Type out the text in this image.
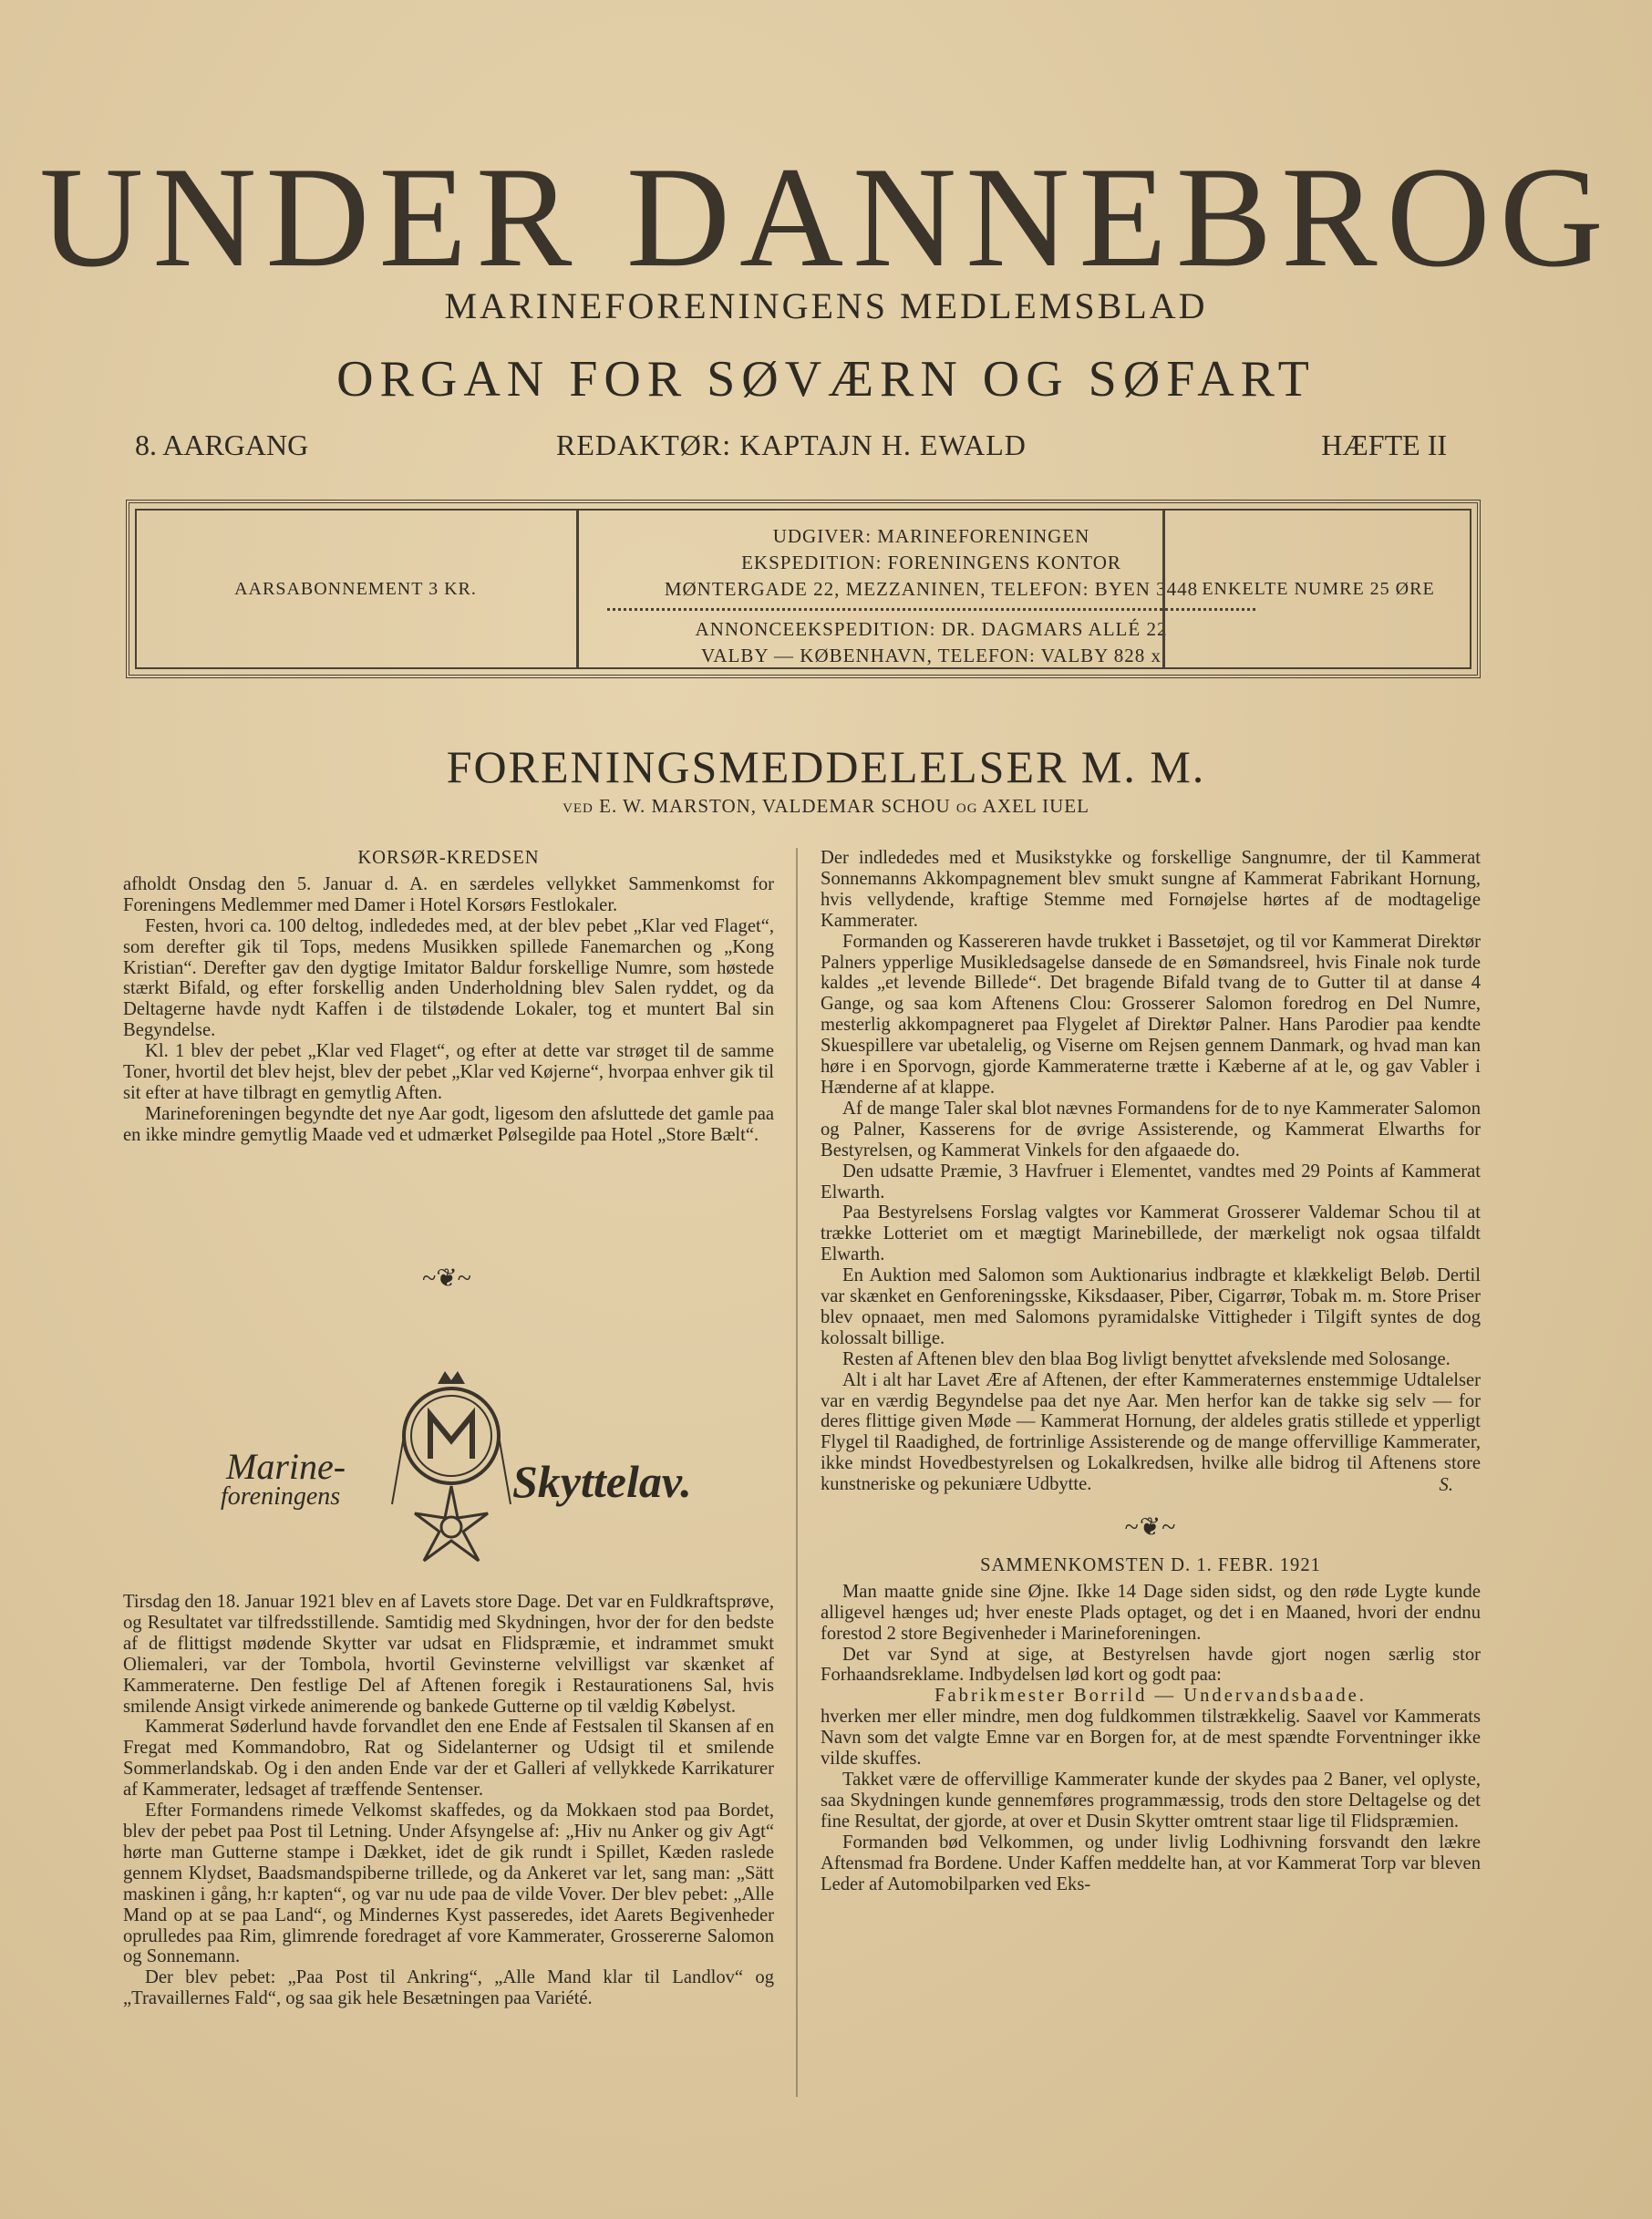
UNDER DANNEBROG
MARINEFORENINGENS MEDLEMSBLAD
ORGAN FOR SØVÆRN OG SØFART
8. AARGANG	REDAKTØR: KAPTAJN H. EWALD	HÆFTE II
AARSABONNEMENT 3 KR.
UDGIVER: MARINEFORENINGEN
EKSPEDITION: FORENINGENS KONTOR
MØNTERGADE 22, MEZZANINEN, TELEFON: BYEN 3448
ANNONCEEKSPEDITION: DR. DAGMARS ALLÉ 22
VALBY — KØBENHAVN, TELEFON: VALBY 828 x
ENKELTE NUMRE 25 ØRE
FORENINGSMEDDELELSER M. M.
VED E. W. MARSTON, VALDEMAR SCHOU OG AXEL IUEL

KORSØR-KREDSEN

afholdt Onsdag den 5. Januar d. A. en særdeles vellykket Sammenkomst for Foreningens Medlemmer med Damer i Hotel Korsørs Festlokaler.

Festen, hvori ca. 100 deltog, indlededes med, at der blev pebet „Klar ved Flaget“, som derefter gik til Tops, medens Musikken spillede Fanemarchen og „Kong Kristian“. Derefter gav den dygtige Imitator Baldur forskellige Numre, som høstede stærkt Bifald, og efter forskellig anden Underholdning blev Salen ryddet, og da Deltagerne havde nydt Kaffen i de tilstødende Lokaler, tog et muntert Bal sin Begyndelse.

Kl. 1 blev der pebet „Klar ved Flaget“, og efter at dette var strøget til de samme Toner, hvortil det blev hejst, blev der pebet „Klar ved Køjerne“, hvorpaa enhver gik til sit efter at have tilbragt en gemytlig Aften.

Marineforeningen begyndte det nye Aar godt, ligesom den afsluttede det gamle paa en ikke mindre gemytlig Maade ved et udmærket Pølsegilde paa Hotel „Store Bælt“.

~❦~
Marine-
foreningens	Skyttelav.

Tirsdag den 18. Januar 1921 blev en af Lavets store Dage. Det var en Fuldkraftsprøve, og Resultatet var tilfredsstillende. Samtidig med Skydningen, hvor der for den bedste af de flittigst mødende Skytter var udsat en Flidspræmie, et indrammet smukt Oliemaleri, var der Tombola, hvortil Gevinsterne velvilligst var skænket af Kammeraterne. Den festlige Del af Aftenen foregik i Restaurationens Sal, hvis smilende Ansigt virkede animerende og bankede Gutterne op til vældig Købelyst.

Kammerat Søderlund havde forvandlet den ene Ende af Festsalen til Skansen af en Fregat med Kommandobro, Rat og Sidelanterner og Udsigt til et smilende Sommerlandskab. Og i den anden Ende var der et Galleri af vellykkede Karrikaturer af Kammerater, ledsaget af træffende Sentenser.

Efter Formandens rimede Velkomst skaffedes, og da Mokkaen stod paa Bordet, blev der pebet paa Post til Letning. Under Afsyngelse af: „Hiv nu Anker og giv Agt“ hørte man Gutterne stampe i Dækket, idet de gik rundt i Spillet, Kæden raslede gennem Klydset, Baadsmandspiberne trillede, og da Ankeret var let, sang man: „Sätt maskinen i gång, h:r kapten“, og var nu ude paa de vilde Vover. Der blev pebet: „Alle Mand op at se paa Land“, og Mindernes Kyst passeredes, idet Aarets Begivenheder oprulledes paa Rim, glimrende foredraget af vore Kammerater, Grossererne Salomon og Sonnemann.

Der blev pebet: „Paa Post til Ankring“, „Alle Mand klar til Landlov“ og „Travaillernes Fald“, og saa gik hele Besætningen paa Variété.

Der indlededes med et Musikstykke og forskellige Sangnumre, der til Kammerat Sonnemanns Akkompagnement blev smukt sungne af Kammerat Fabrikant Hornung, hvis vellydende, kraftige Stemme med Fornøjelse hørtes af de modtagelige Kammerater.

Formanden og Kassereren havde trukket i Bassetøjet, og til vor Kammerat Direktør Palners ypperlige Musikledsagelse dansede de en Sømandsreel, hvis Finale nok turde kaldes „et levende Billede“. Det bragende Bifald tvang de to Gutter til at danse 4 Gange, og saa kom Aftenens Clou: Grosserer Salomon foredrog en Del Numre, mesterlig akkompagneret paa Flygelet af Direktør Palner. Hans Parodier paa kendte Skuespillere var ubetalelig, og Viserne om Rejsen gennem Danmark, og hvad man kan høre i en Sporvogn, gjorde Kammeraterne trætte i Kæberne af at le, og gav Vabler i Hænderne af at klappe.

Af de mange Taler skal blot nævnes Formandens for de to nye Kammerater Salomon og Palner, Kasserens for de øvrige Assisterende, og Kammerat Elwarths for Bestyrelsen, og Kammerat Vinkels for den afgaaede do.

Den udsatte Præmie, 3 Havfruer i Elementet, vandtes med 29 Points af Kammerat Elwarth.

Paa Bestyrelsens Forslag valgtes vor Kammerat Grosserer Valdemar Schou til at trække Lotteriet om et mægtigt Marinebillede, der mærkeligt nok ogsaa tilfaldt Elwarth.

En Auktion med Salomon som Auktionarius indbragte et klækkeligt Beløb. Dertil var skænket en Genforeningsske, Kiksdaaser, Piber, Cigarrør, Tobak m. m. Store Priser blev opnaaet, men med Salomons pyramidalske Vittigheder i Tilgift syntes de dog kolossalt billige.

Resten af Aftenen blev den blaa Bog livligt benyttet afvekslende med Solosange.

Alt i alt har Lavet Ære af Aftenen, der efter Kammeraternes enstemmige Udtalelser var en værdig Begyndelse paa det nye Aar. Men herfor kan de takke sig selv — for deres flittige given Møde — Kammerat Hornung, der aldeles gratis stillede et ypperligt Flygel til Raadighed, de fortrinlige Assisterende og de mange offervillige Kammerater, ikke mindst Hovedbestyrelsen og Lokalkredsen, hvilke alle bidrog til Aftenens store kunstneriske og pekuniære Udbytte.	S.

~❦~

SAMMENKOMSTEN D. 1. FEBR. 1921

Man maatte gnide sine Øjne. Ikke 14 Dage siden sidst, og den røde Lygte kunde alligevel hænges ud; hver eneste Plads optaget, og det i en Maaned, hvori der endnu forestod 2 store Begivenheder i Marineforeningen.

Det var Synd at sige, at Bestyrelsen havde gjort nogen særlig stor Forhaandsreklame. Indbydelsen lød kort og godt paa:

Fabrikmester Borrild — Undervandsbaade.

hverken mer eller mindre, men dog fuldkommen tilstrækkelig. Saavel vor Kammerats Navn som det valgte Emne var en Borgen for, at de mest spændte Forventninger ikke vilde skuffes.

Takket være de offervillige Kammerater kunde der skydes paa 2 Baner, vel oplyste, saa Skydningen kunde gennemføres programmæssig, trods den store Deltagelse og det fine Resultat, der gjorde, at over et Dusin Skytter omtrent staar lige til Flidspræmien.

Formanden bød Velkommen, og under livlig Lodhivning forsvandt den lækre Aftensmad fra Bordene. Under Kaffen meddelte han, at vor Kammerat Torp var bleven Leder af Automobilparken ved Eks-
